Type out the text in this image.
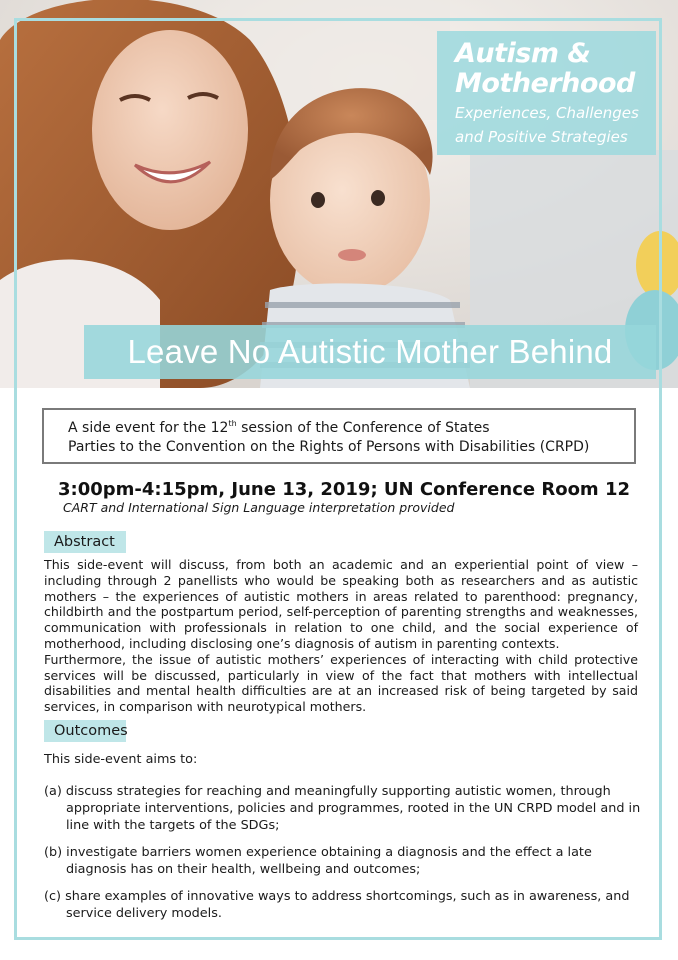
Autism &
Motherhood
Experiences, Challenges
and Positive Strategies
Leave No Autistic Mother Behind
A side event for the 12th session of the Conference of States
Parties to the Convention on the Rights of Persons with Disabilities (CRPD)
3:00pm-4:15pm, June 13, 2019; UN Conference Room 12
CART and International Sign Language interpretation provided
Abstract

This side-event will discuss, from both an academic and an experiential point of view – including through 2 panellists who would be speaking both as researchers and as autistic mothers – the experiences of autistic mothers in areas related to parenthood: pregnancy, childbirth and the postpartum period, self-perception of parenting strengths and weaknesses, communication with professionals in relation to one child, and the social experience of motherhood, including disclosing one’s diagnosis of autism in parenting contexts.

Furthermore, the issue of autistic mothers’ experiences of interacting with child protective services will be discussed, particularly in view of the fact that mothers with intellectual disabilities and mental health difficulties are at an increased risk of being targeted by said services, in comparison with neurotypical mothers.

Outcomes
This side-event aims to:
(a) discuss strategies for reaching and meaningfully supporting autistic women, through appropriate interventions, policies and programmes, rooted in the UN CRPD model and in line with the targets of the SDGs;
(b) investigate barriers women experience obtaining a diagnosis and the effect a late diagnosis has on their health, wellbeing and outcomes;
(c) share examples of innovative ways to address shortcomings, such as in awareness, and service delivery models.
